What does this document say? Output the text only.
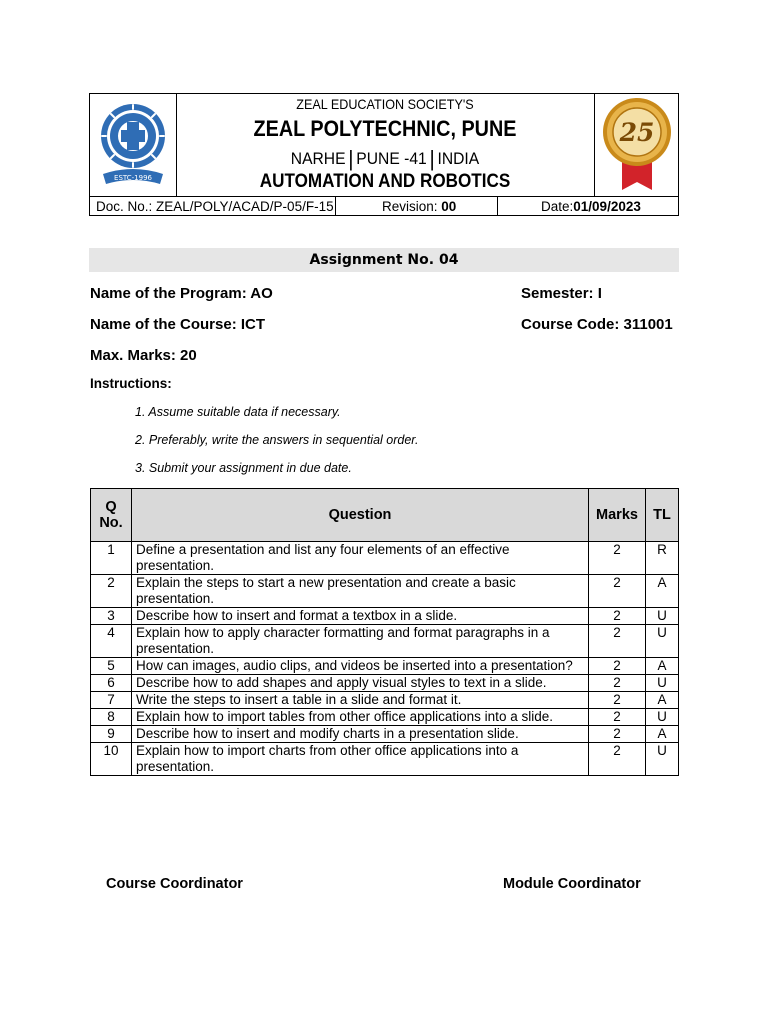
ESTC-1996
ZEAL EDUCATION SOCIETY'S
ZEAL POLYTECHNIC, PUNE
NARHE | PUNE -41 | INDIA
AUTOMATION AND ROBOTICS
25
Doc. No.: ZEAL/POLY/ACAD/P-05/F-15	Revision: 00	Date:01/09/2023
Assignment No. 04
Name of the Program: AO	Semester: I
Name of the Course: ICT	Course Code: 311001
Max. Marks: 20
Instructions:
1. Assume suitable data if necessary.
2. Preferably, write the answers in sequential order.
3. Submit your assignment in due date.
Q No.	Question	Marks	TL
1	Define a presentation and list any four elements of an effective presentation.	2	R
2	Explain the steps to start a new presentation and create a basic presentation.	2	A
3	Describe how to insert and format a textbox in a slide.	2	U
4	Explain how to apply character formatting and format paragraphs in a presentation.	2	U
5	How can images, audio clips, and videos be inserted into a presentation?	2	A
6	Describe how to add shapes and apply visual styles to text in a slide.	2	U
7	Write the steps to insert a table in a slide and format it.	2	A
8	Explain how to import tables from other office applications into a slide.	2	U
9	Describe how to insert and modify charts in a presentation slide.	2	A
10	Explain how to import charts from other office applications into a presentation.	2	U
Course Coordinator	Module Coordinator
